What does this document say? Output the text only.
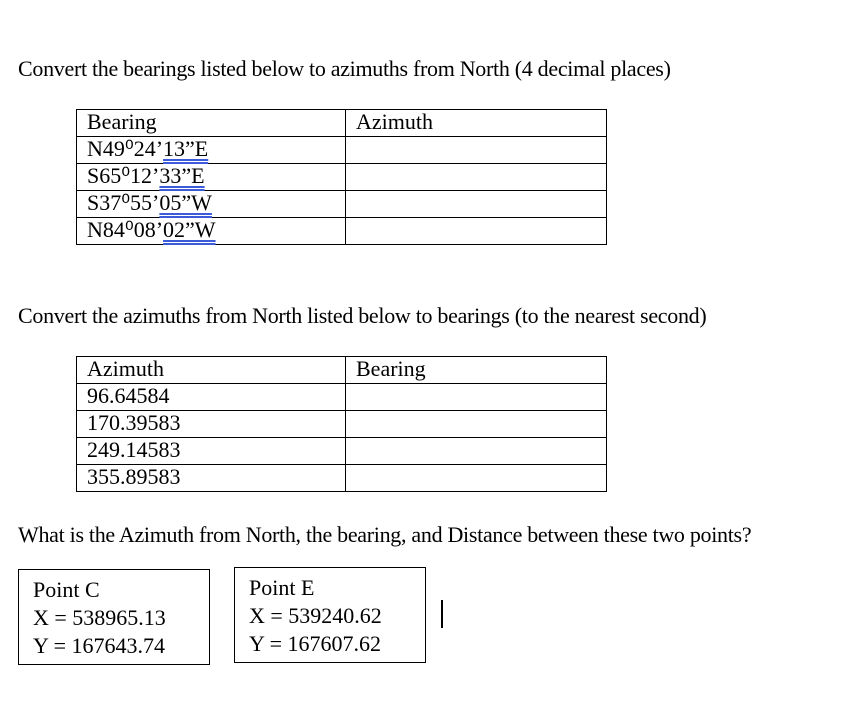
Convert the bearings listed below to azimuths from North (4 decimal places)
Bearing	Azimuth
N49⁰24’13”E	
S65⁰12’33”E	
S37⁰55’05”W	
N84⁰08’02”W	
Convert the azimuths from North listed below to bearings (to the nearest second)
Azimuth	Bearing
96.64584	
170.39583	
249.14583	
355.89583	
What is the Azimuth from North, the bearing, and Distance between these two points?
Point C
X = 538965.13
Y = 167643.74
Point E
X = 539240.62
Y = 167607.62
